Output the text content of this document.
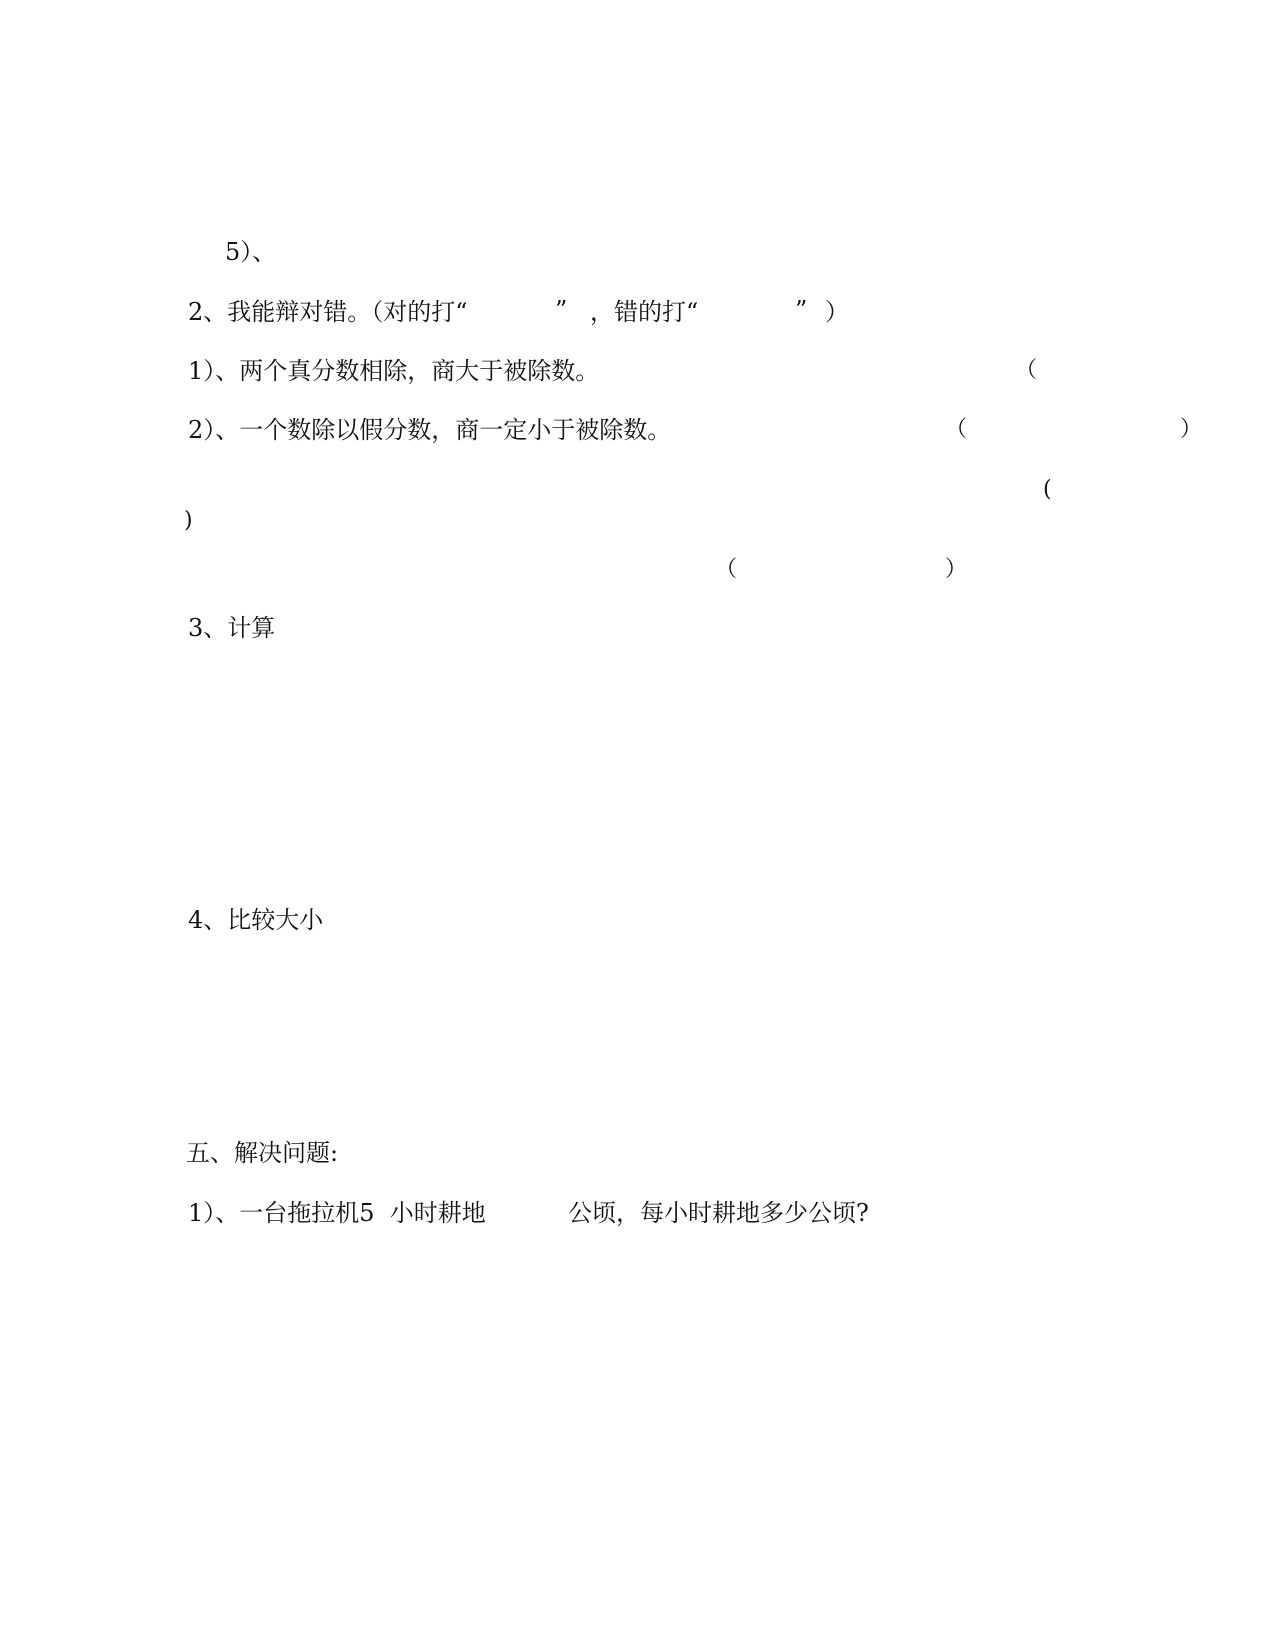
5）、
2、我能辩对错。（对的打“	” ，错的打“	” ）
1）、两个真分数相除，商大于被除数。	（
2）、一个数除以假分数，商一定小于被除数。	（	）
(
)
（	）
3、计算
4、比较大小
五、解决问题:
1）、一台拖拉机5  小时耕地	公顷，每小时耕地多少公顷?
